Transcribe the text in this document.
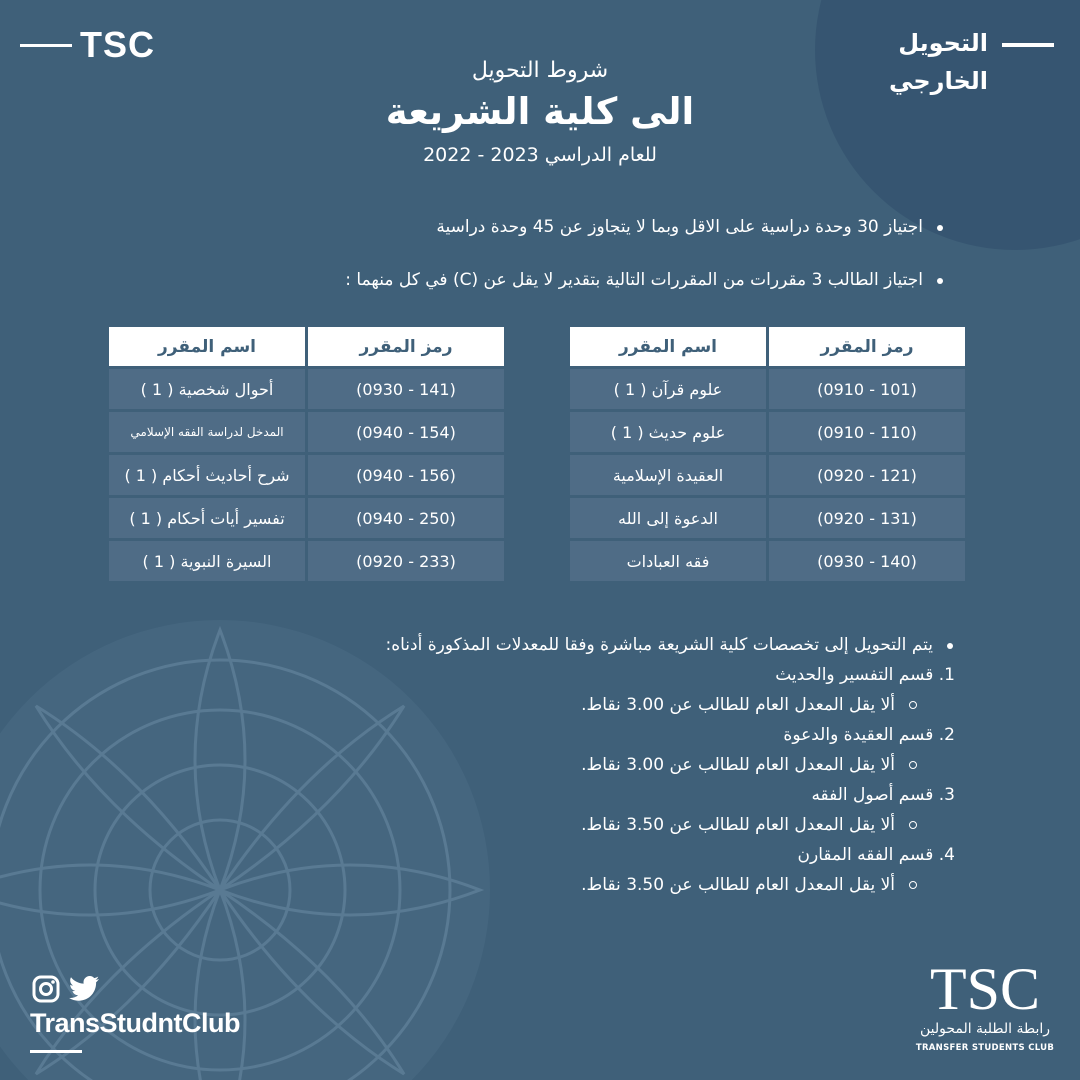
TSC	التحويل
الخارجي
شروط التحويل
الى كلية الشريعة
للعام الدراسي 2023 - 2022
اجتياز 30 وحدة دراسية على الاقل وبما لا يتجاوز عن 45 وحدة دراسية
اجتياز الطالب 3 مقررات من المقررات التالية بتقدير لا يقل عن (C) في كل منهما :
رمز المقرر	اسم المقرر
(101 - 0910)	علوم قرآن ( 1 )
(110 - 0910)	علوم حديث ( 1 )
(121 - 0920)	العقيدة الإسلامية
(131 - 0920)	الدعوة إلى الله
(140 - 0930)	فقه العبادات
رمز المقرر	اسم المقرر
(141 - 0930)	أحوال شخصية ( 1 )
(154 - 0940)	المدخل لدراسة الفقه الإسلامي
(156 - 0940)	شرح أحاديث أحكام ( 1 )
(250 - 0940)	تفسير أيات أحكام ( 1 )
(233 - 0920)	السيرة النبوية ( 1 )
يتم التحويل إلى تخصصات كلية الشريعة مباشرة وفقا للمعدلات المذكورة أدناه:
1. قسم التفسير والحديث
ألا يقل المعدل العام للطالب عن 3.00 نقاط.
2. قسم العقيدة والدعوة
ألا يقل المعدل العام للطالب عن 3.00 نقاط.
3. قسم أصول الفقه
ألا يقل المعدل العام للطالب عن 3.50 نقاط.
4. قسم الفقه المقارن
ألا يقل المعدل العام للطالب عن 3.50 نقاط.
TransStudntClub
TSC
رابطة الطلبة المحولين
TRANSFER STUDENTS CLUB
